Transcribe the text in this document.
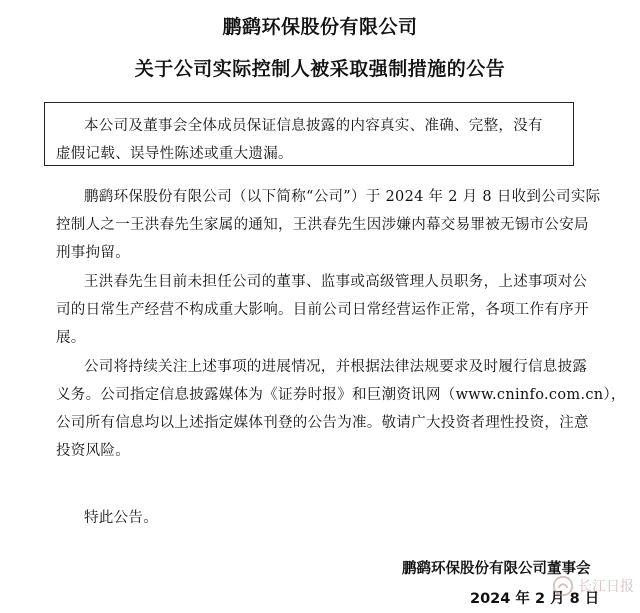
鹏鹞环保股份有限公司
关于公司实际控制人被采取强制措施的公告
本公司及董事会全体成员保证信息披露的内容真实、准确、完整，没有
虚假记载、误导性陈述或重大遗漏。
鹏鹞环保股份有限公司（以下简称“公司”）于 2024 年 2 月 8 日收到公司实际
控制人之一王洪春先生家属的通知，王洪春先生因涉嫌内幕交易罪被无锡市公安局
刑事拘留。
王洪春先生目前未担任公司的董事、监事或高级管理人员职务，上述事项对公
司的日常生产经营不构成重大影响。目前公司日常经营运作正常，各项工作有序开
展。
公司将持续关注上述事项的进展情况，并根据法律法规要求及时履行信息披露
义务。公司指定信息披露媒体为《证券时报》和巨潮资讯网（www.cninfo.com.cn），
公司所有信息均以上述指定媒体刊登的公告为准。敬请广大投资者理性投资，注意
投资风险。
特此公告。
鹏鹞环保股份有限公司董事会
2024 年 2 月 8 日
长江日报
